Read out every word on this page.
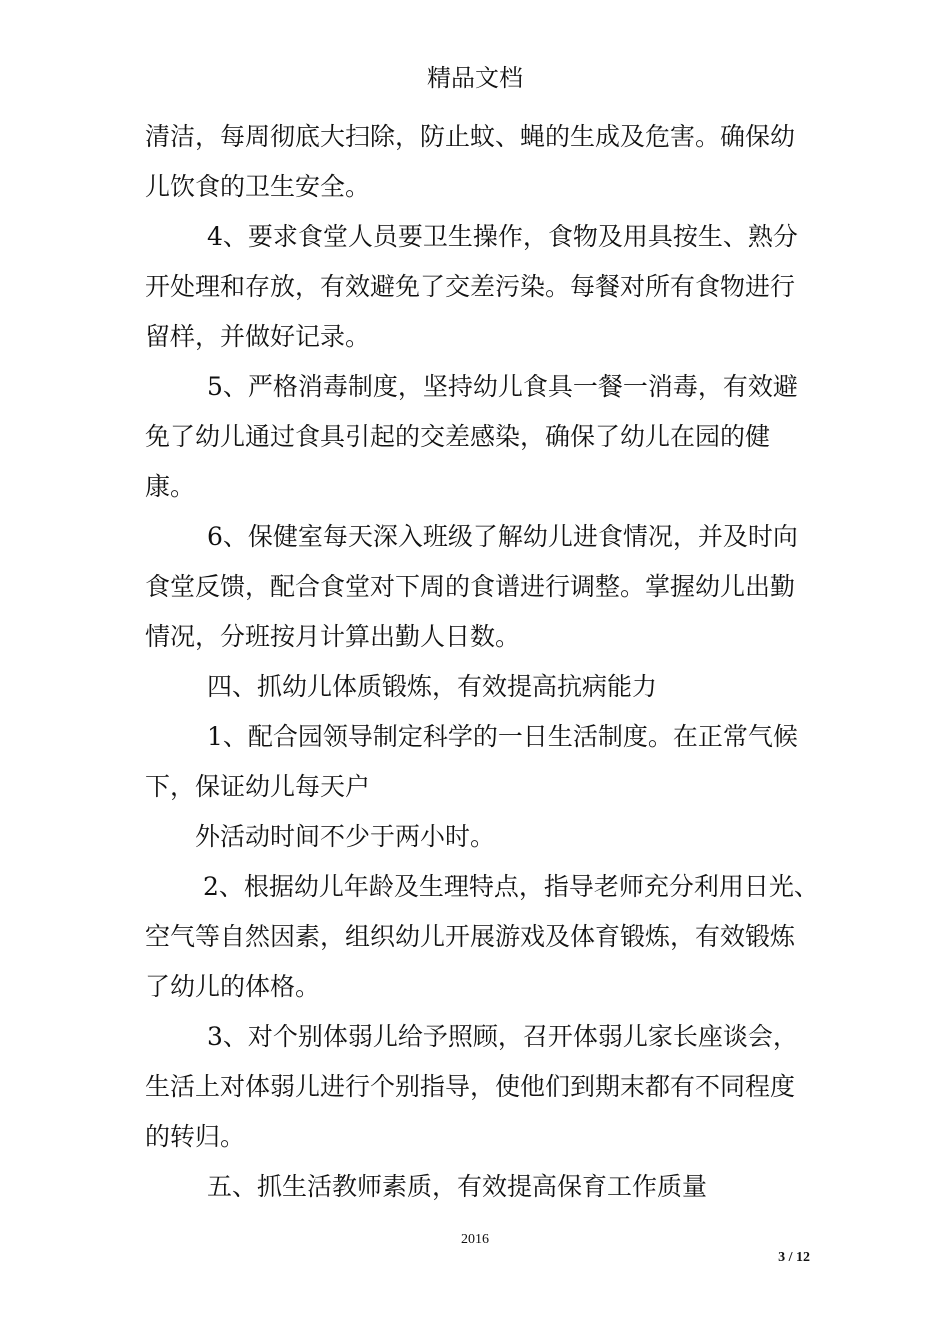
精品文档
清洁，每周彻底大扫除，防止蚊、蝇的生成及危害。确保幼
儿饮食的卫生安全。
4、要求食堂人员要卫生操作，食物及用具按生、熟分
开处理和存放，有效避免了交差污染。每餐对所有食物进行
留样，并做好记录。
5、严格消毒制度，坚持幼儿食具一餐一消毒，有效避
免了幼儿通过食具引起的交差感染，确保了幼儿在园的健
康。
6、保健室每天深入班级了解幼儿进食情况，并及时向
食堂反馈，配合食堂对下周的食谱进行调整。掌握幼儿出勤
情况，分班按月计算出勤人日数。
四、抓幼儿体质锻炼，有效提高抗病能力
1、配合园领导制定科学的一日生活制度。在正常气候
下，保证幼儿每天户
外活动时间不少于两小时。
2、根据幼儿年龄及生理特点，指导老师充分利用日光、
空气等自然因素，组织幼儿开展游戏及体育锻炼，有效锻炼
了幼儿的体格。
3、对个别体弱儿给予照顾，召开体弱儿家长座谈会，
生活上对体弱儿进行个别指导，使他们到期末都有不同程度
的转归。
五、抓生活教师素质，有效提高保育工作质量
2016
3 / 12
